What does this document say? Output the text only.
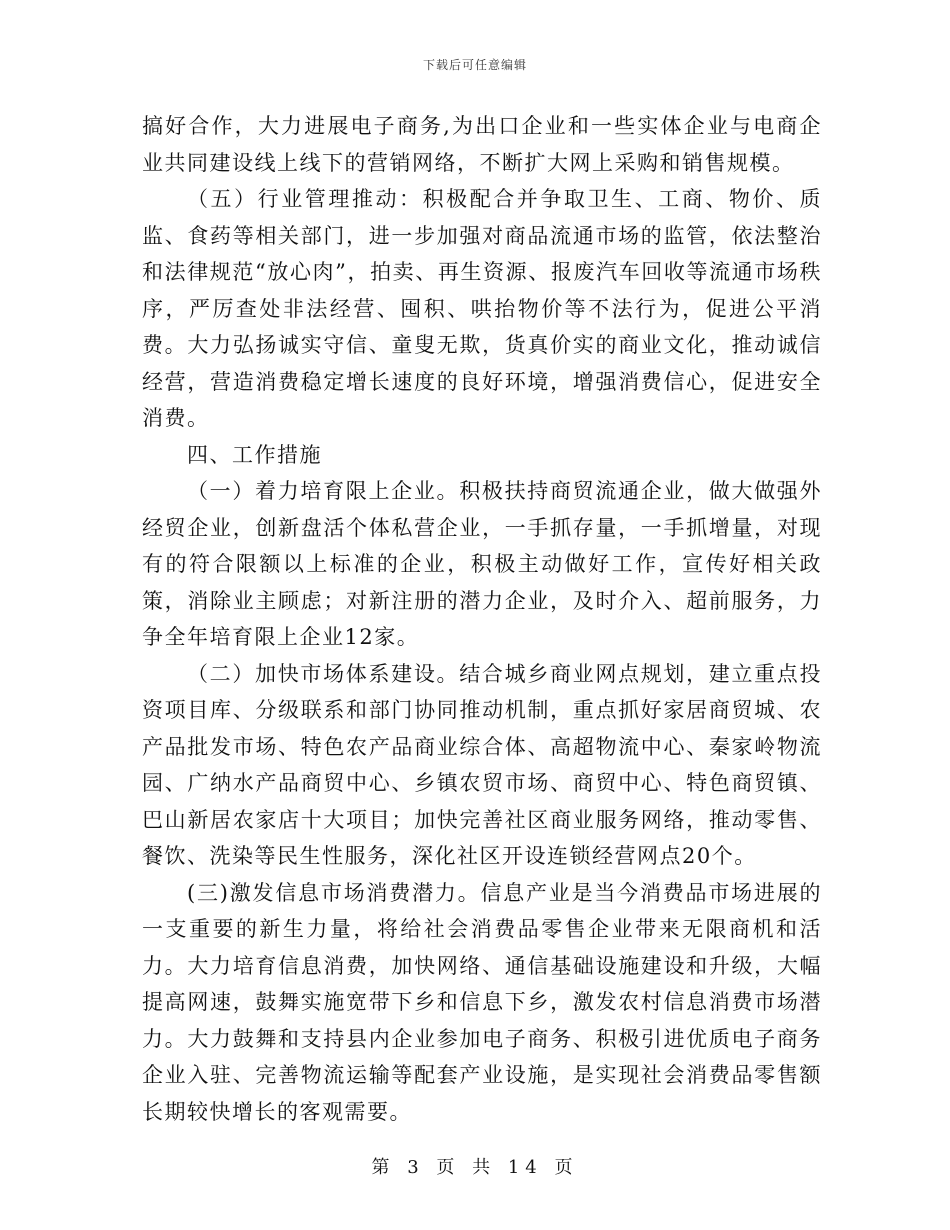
下载后可任意编辑

搞好合作，大力进展电子商务,为出口企业和一些实体企业与电商企业共同建设线上线下的营销网络，不断扩大网上采购和销售规模。

（五）行业管理推动：积极配合并争取卫生、工商、物价、质监、食药等相关部门，进一步加强对商品流通市场的监管，依法整治和法律规范“放心肉”，拍卖、再生资源、报废汽车回收等流通市场秩序，严厉查处非法经营、囤积、哄抬物价等不法行为，促进公平消费。大力弘扬诚实守信、童叟无欺，货真价实的商业文化，推动诚信经营，营造消费稳定增长速度的良好环境，增强消费信心，促进安全消费。

四、工作措施

（一）着力培育限上企业。积极扶持商贸流通企业，做大做强外经贸企业，创新盘活个体私营企业，一手抓存量，一手抓增量，对现有的符合限额以上标准的企业，积极主动做好工作，宣传好相关政策，消除业主顾虑；对新注册的潜力企业，及时介入、超前服务，力争全年培育限上企业12家。

（二）加快市场体系建设。结合城乡商业网点规划，建立重点投资项目库、分级联系和部门协同推动机制，重点抓好家居商贸城、农产品批发市场、特色农产品商业综合体、高超物流中心、秦家岭物流园、广纳水产品商贸中心、乡镇农贸市场、商贸中心、特色商贸镇、巴山新居农家店十大项目；加快完善社区商业服务网络，推动零售、餐饮、洗染等民生性服务，深化社区开设连锁经营网点20个。

(三)激发信息市场消费潜力。信息产业是当今消费品市场进展的一支重要的新生力量，将给社会消费品零售企业带来无限商机和活力。大力培育信息消费，加快网络、通信基础设施建设和升级，大幅提高网速，鼓舞实施宽带下乡和信息下乡，激发农村信息消费市场潜力。大力鼓舞和支持县内企业参加电子商务、积极引进优质电子商务企业入驻、完善物流运输等配套产业设施，是实现社会消费品零售额长期较快增长的客观需要。

第 3 页 共 14 页
